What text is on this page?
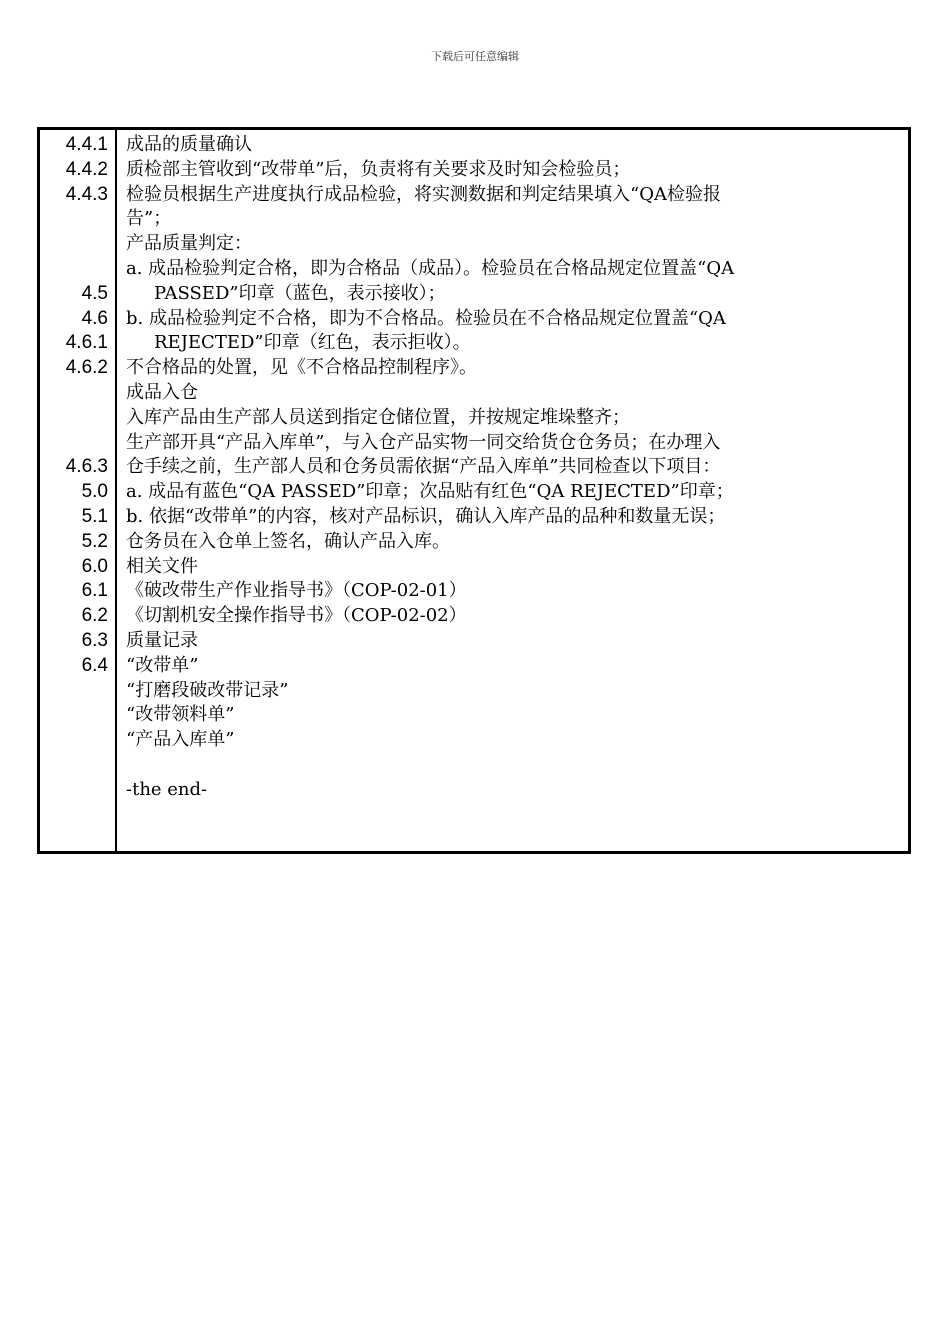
下载后可任意编辑
4.4.1
4.4.2
4.4.3
4.5
4.6
4.6.1
4.6.2
4.6.3
5.0
5.1
5.2
6.0
6.1
6.2
6.3
6.4
成品的质量确认
质检部主管收到“改带单”后，负责将有关要求及时知会检验员；
检验员根据生产进度执行成品检验，将实测数据和判定结果填入“QA检验报
告”；
产品质量判定：
a. 成品检验判定合格，即为合格品（成品）。检验员在合格品规定位置盖“QA
PASSED”印章（蓝色，表示接收）；
b. 成品检验判定不合格，即为不合格品。检验员在不合格品规定位置盖“QA
REJECTED”印章（红色，表示拒收）。
不合格品的处置，见《不合格品控制程序》。
成品入仓
入库产品由生产部人员送到指定仓储位置，并按规定堆垛整齐；
生产部开具“产品入库单”，与入仓产品实物一同交给货仓仓务员；在办理入
仓手续之前，生产部人员和仓务员需依据“产品入库单”共同检查以下项目：
a. 成品有蓝色“QA PASSED”印章；次品贴有红色“QA REJECTED”印章；
b. 依据“改带单”的内容，核对产品标识，确认入库产品的品种和数量无误；
仓务员在入仓单上签名，确认产品入库。
相关文件
《破改带生产作业指导书》（COP-02-01）
《切割机安全操作指导书》（COP-02-02）
质量记录
“改带单”
“打磨段破改带记录”
“改带领料单”
“产品入库单”
-the end-
